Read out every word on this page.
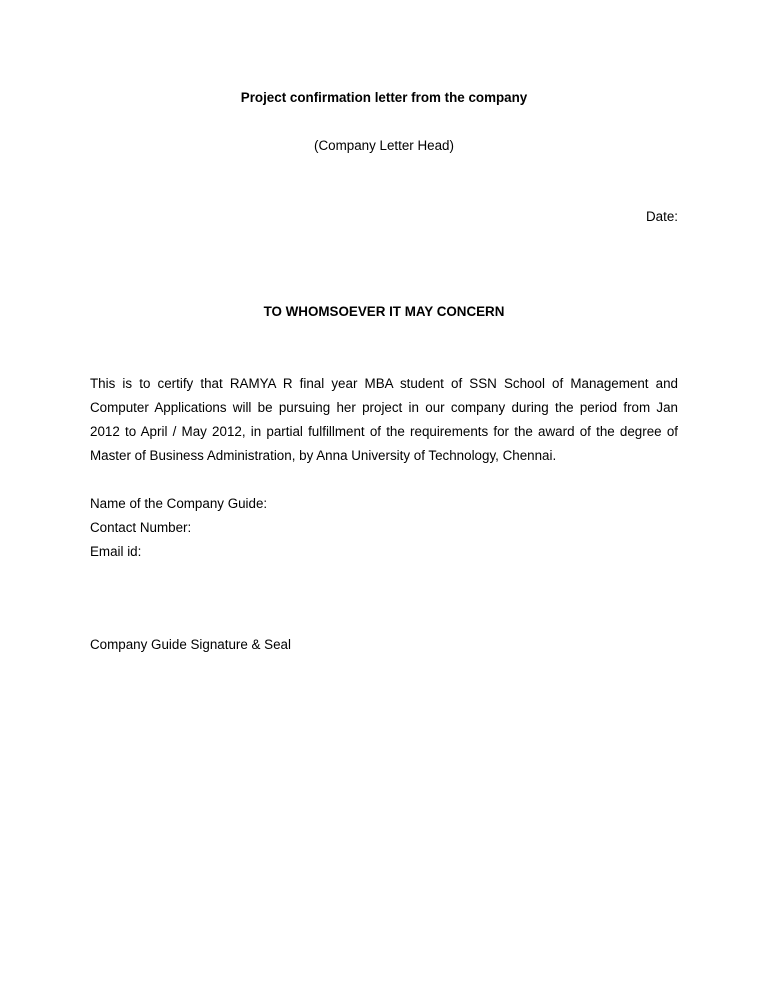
Project confirmation letter from the company
(Company Letter Head)
Date:
TO WHOMSOEVER IT MAY CONCERN
This is to certify that RAMYA R final year MBA student of SSN School of Management and
Computer Applications will be pursuing her project in our company during the period from Jan
2012 to April / May 2012, in partial fulfillment of the requirements for the award of the degree of
Master of Business Administration, by Anna University of Technology, Chennai.
Name of the Company Guide:
Contact Number:
Email id:
Company Guide Signature & Seal
